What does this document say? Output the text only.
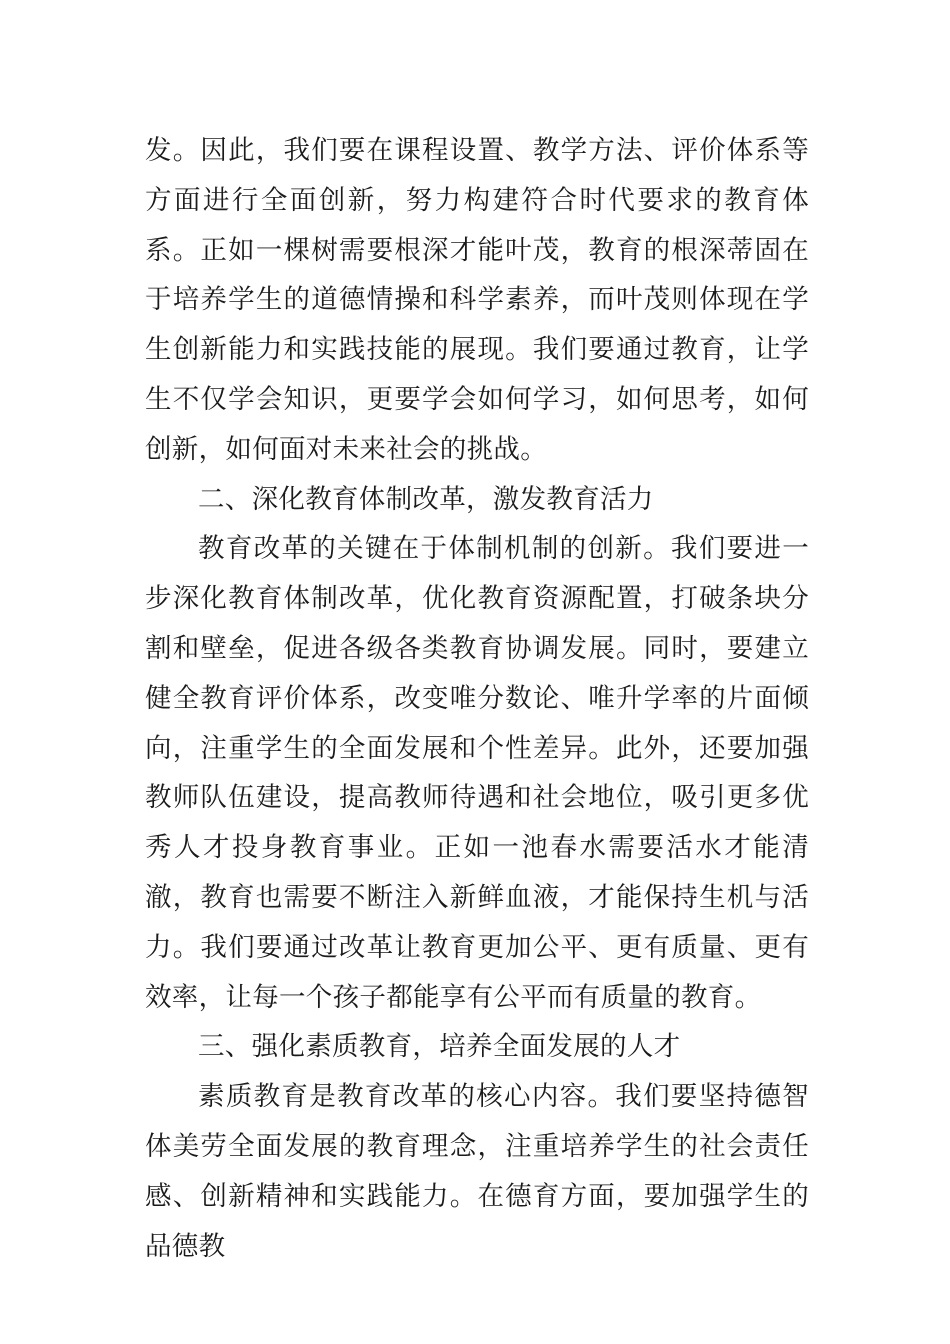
发。因此，我们要在课程设置、教学方法、评价体系等方面进行全面创新，努力构建符合时代要求的教育体系。正如一棵树需要根深才能叶茂，教育的根深蒂固在于培养学生的道德情操和科学素养，而叶茂则体现在学生创新能力和实践技能的展现。我们要通过教育，让学生不仅学会知识，更要学会如何学习，如何思考，如何创新，如何面对未来社会的挑战。

二、深化教育体制改革，激发教育活力

教育改革的关键在于体制机制的创新。我们要进一步深化教育体制改革，优化教育资源配置，打破条块分割和壁垒，促进各级各类教育协调发展。同时，要建立健全教育评价体系，改变唯分数论、唯升学率的片面倾向，注重学生的全面发展和个性差异。此外，还要加强教师队伍建设，提高教师待遇和社会地位，吸引更多优秀人才投身教育事业。正如一池春水需要活水才能清澈，教育也需要不断注入新鲜血液，才能保持生机与活力。我们要通过改革让教育更加公平、更有质量、更有效率，让每一个孩子都能享有公平而有质量的教育。

三、强化素质教育，培养全面发展的人才

素质教育是教育改革的核心内容。我们要坚持德智体美劳全面发展的教育理念，注重培养学生的社会责任感、创新精神和实践能力。在德育方面，要加强学生的品德教
